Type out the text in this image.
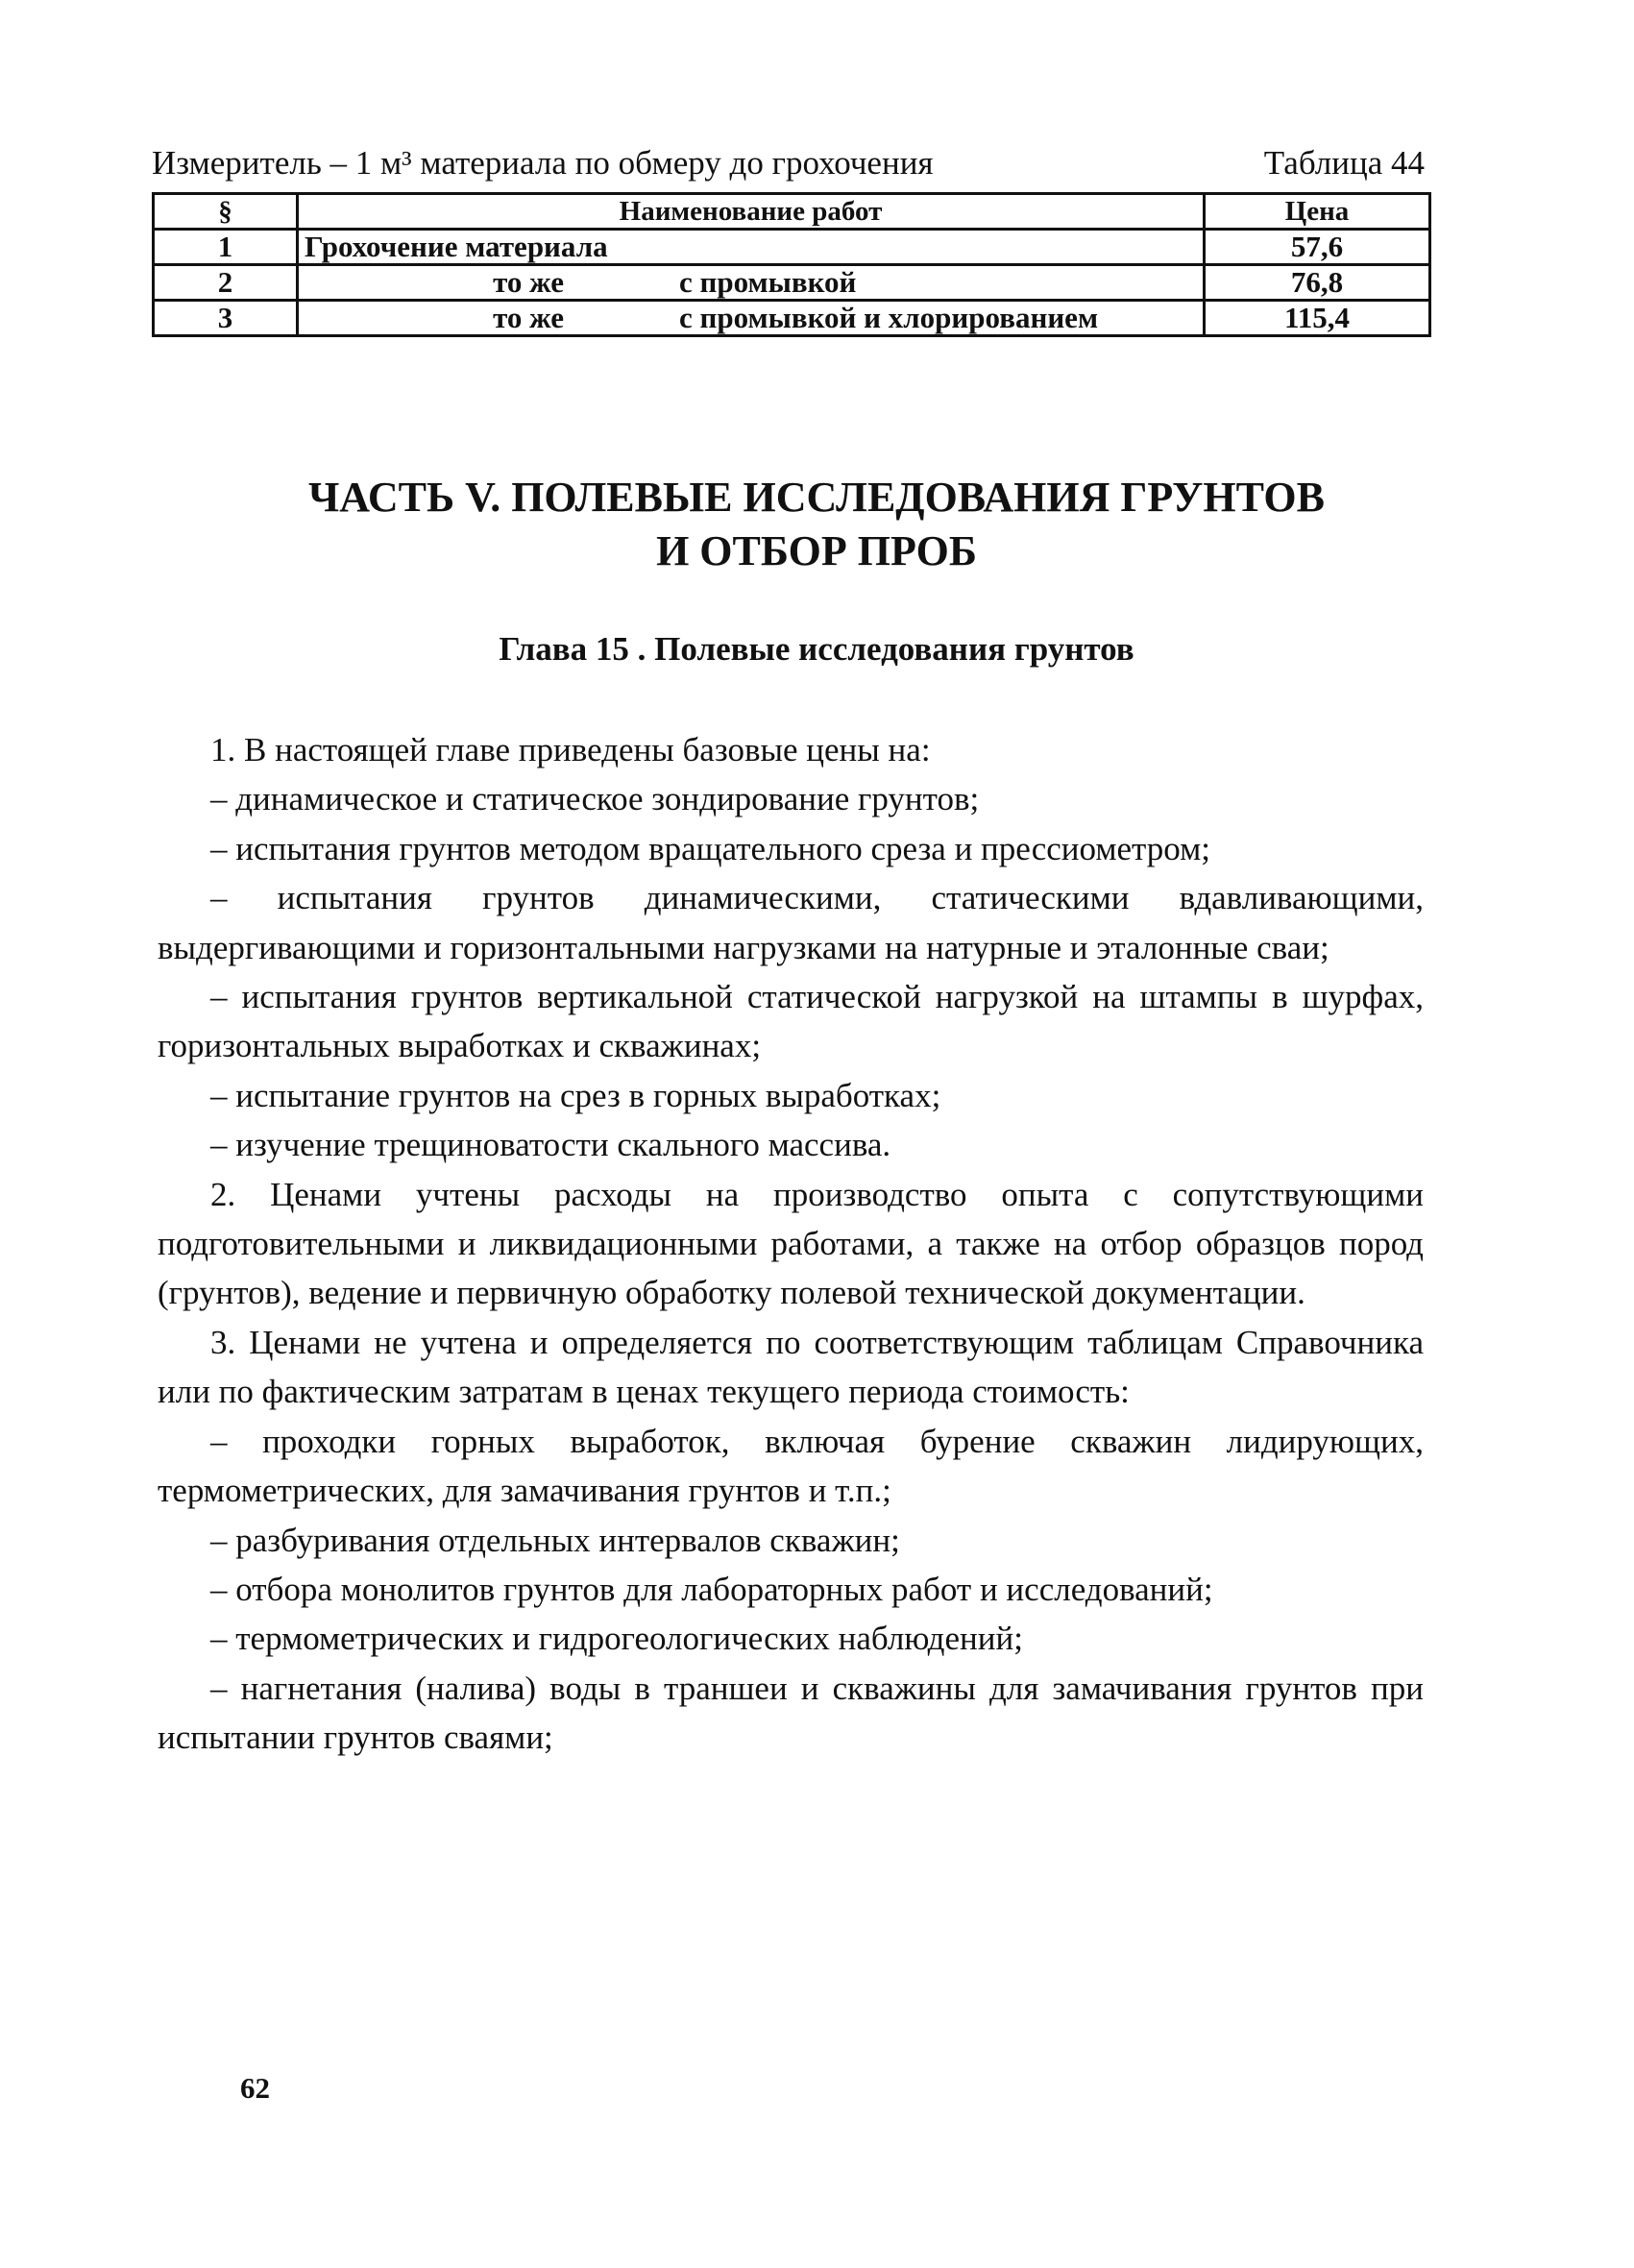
Измеритель – 1 м³ материала по обмеру до грохочения	Таблица 44
§	Наименование работ	Цена
1	Грохочение материала	57,6
2	то же с промывкой	76,8
3	то же с промывкой и хлорированием	115,4
ЧАСТЬ V. ПОЛЕВЫЕ ИССЛЕДОВАНИЯ ГРУНТОВ
И ОТБОР ПРОБ
Глава 15 . Полевые исследования грунтов

1. В настоящей главе приведены базовые цены на:

– динамическое и статическое зондирование грунтов;

– испытания грунтов методом вращательного среза и прессиометром;

– испытания грунтов динамическими, статическими вдавливающими, выдергивающими и горизонтальными нагрузками на натурные и эталонные сваи;

– испытания грунтов вертикальной статической нагрузкой на штампы в шурфах, горизонтальных выработках и скважинах;

– испытание грунтов на срез в горных выработках;

– изучение трещиноватости скального массива.

2. Ценами учтены расходы на производство опыта с сопутствующими подготовительными и ликвидационными работами, а также на отбор образцов пород (грунтов), ведение и первичную обработку полевой технической документации.

3. Ценами не учтена и определяется по соответствующим таблицам Справочника или по фактическим затратам в ценах текущего периода стоимость:

– проходки горных выработок, включая бурение скважин лидирующих, термометрических, для замачивания грунтов и т.п.;

– разбуривания отдельных интервалов скважин;

– отбора монолитов грунтов для лабораторных работ и исследований;

– термометрических и гидрогеологических наблюдений;

– нагнетания (налива) воды в траншеи и скважины для замачивания грунтов при испытании грунтов сваями;

62
